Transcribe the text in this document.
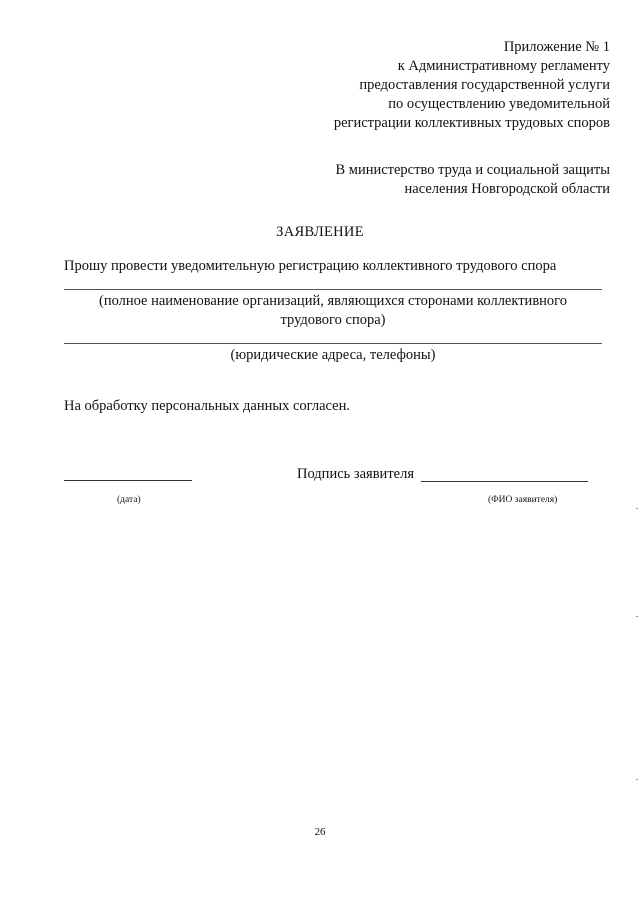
Приложение № 1
к Административному регламенту
предоставления государственной услуги
по осуществлению уведомительной
регистрации коллективных трудовых споров
В министерство труда и социальной защиты
населения Новгородской области
ЗАЯВЛЕНИЕ
Прошу провести уведомительную регистрацию коллективного трудового спора
(полное наименование организаций, являющихся сторонами коллективного
трудового спора)
(юридические адреса, телефоны)
На обработку персональных данных согласен.
Подпись заявителя
(дата)	(ФИО заявителя)
26
